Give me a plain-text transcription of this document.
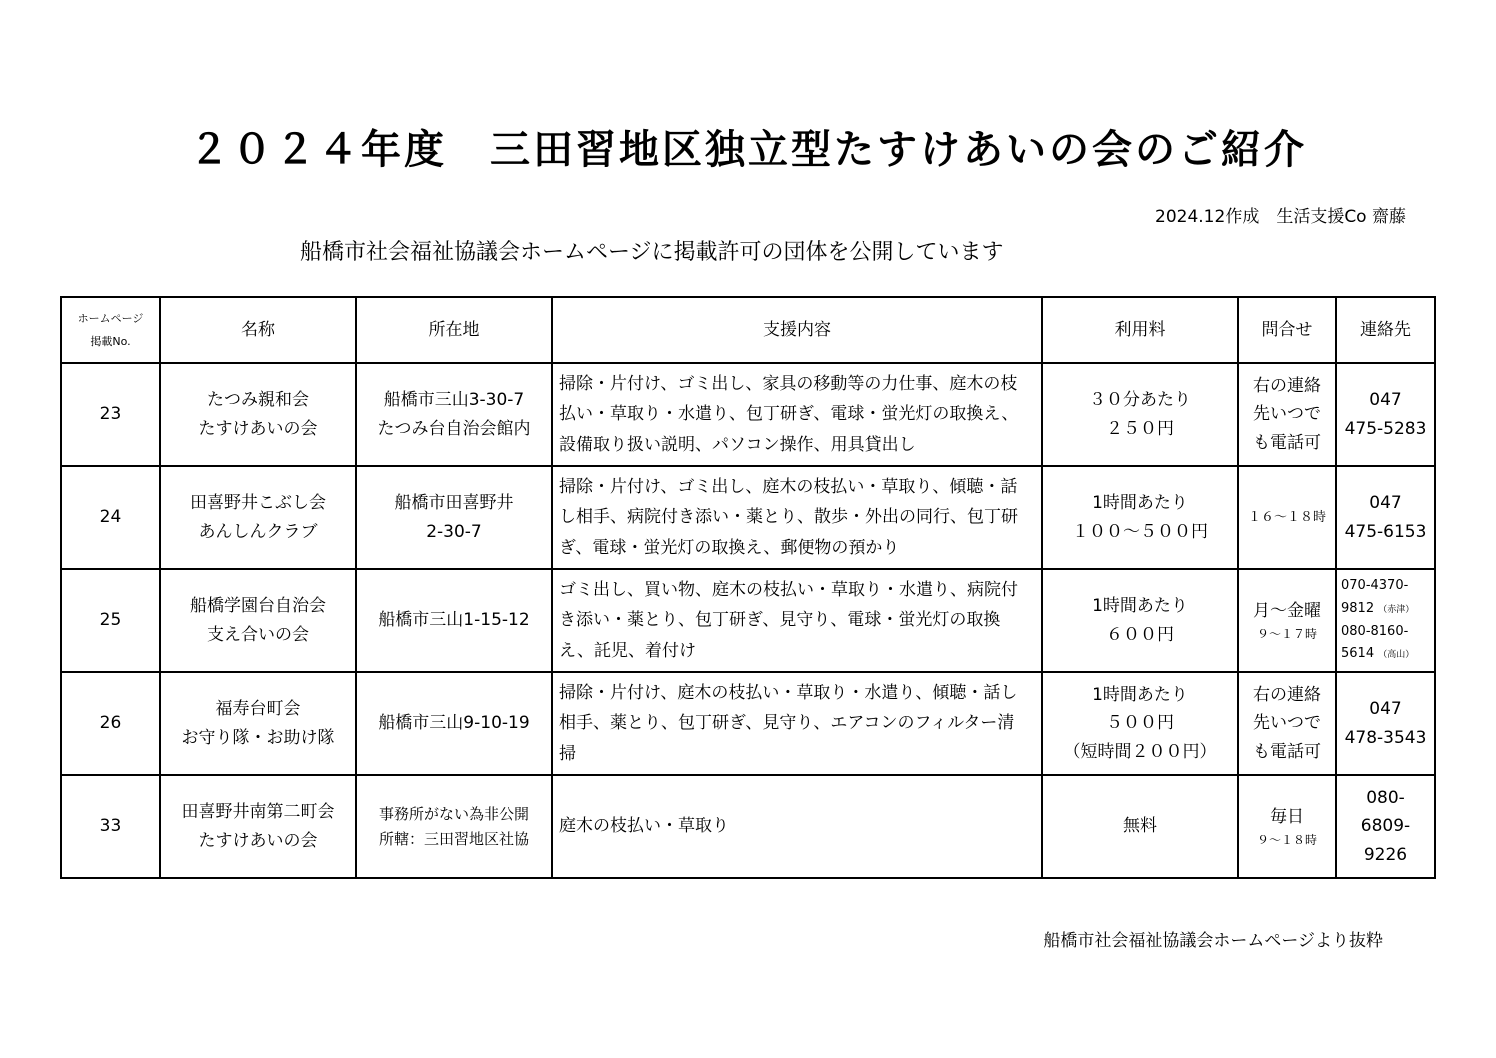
２０２４年度　三田習地区独立型たすけあいの会のご紹介
2024.12作成　生活支援Co 齋藤
船橋市社会福祉協議会ホームページに掲載許可の団体を公開しています
ホームページ
掲載No.	名称	所在地	支援内容	利用料	問合せ	連絡先
23	たつみ親和会
たすけあいの会	船橋市三山3-30-7
たつみ台自治会館内	掃除・片付け、ゴミ出し、家具の移動等の力仕事、庭木の枝
払い・草取り・水遣り、包丁研ぎ、電球・蛍光灯の取換え、
設備取り扱い説明、パソコン操作、用具貸出し	３０分あたり
２５０円	右の連絡
先いつで
も電話可	047
475-5283

24	田喜野井こぶし会
あんしんクラブ	船橋市田喜野井
2-30-7	掃除・片付け、ゴミ出し、庭木の枝払い・草取り、傾聴・話
し相手、病院付き添い・薬とり、散歩・外出の同行、包丁研
ぎ、電球・蛍光灯の取換え、郵便物の預かり	1時間あたり
１００～５００円	１６～１８時	047
475-6153

25	船橋学園台自治会
支え合いの会	船橋市三山1-15-12	ゴミ出し、買い物、庭木の枝払い・草取り・水遣り、病院付
き添い・薬とり、包丁研ぎ、見守り、電球・蛍光灯の取換
え、託児、着付け	1時間あたり
６００円	月～金曜
９～１７時	070-4370-
9812 （赤津）
080-8160-
5614 （高山）

26	福寿台町会
お守り隊・お助け隊	船橋市三山9-10-19	掃除・片付け、庭木の枝払い・草取り・水遣り、傾聴・話し
相手、薬とり、包丁研ぎ、見守り、エアコンのフィルター清
掃	1時間あたり
５００円
（短時間２００円）	右の連絡
先いつで
も電話可	047
478-3543

33	田喜野井南第二町会
たすけあいの会	事務所がない為非公開
所轄：三田習地区社協	庭木の枝払い・草取り	無料	毎日
９～１８時	080-
6809-
9226
船橋市社会福祉協議会ホームページより抜粋
